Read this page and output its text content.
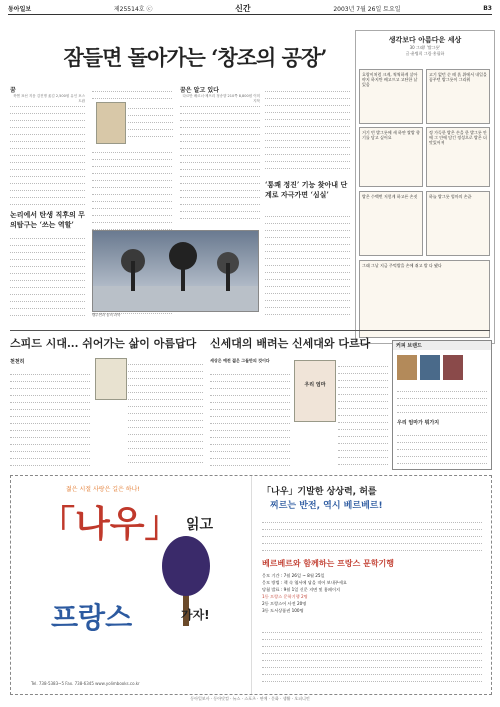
동아일보	제25514호 ⓒ	신간	2003년 7월 26일 토요일	B3
잠들면 돌아가는 ‘창조의 공장’
꿈
북엔 표선 지음 김진명 옮김 2,500원 유인 포스트잡
논리에서 탄생 직후의 무의탐구는 ‘쓰는 역할’
렘수면과 꿈의 과학
꿈은 알고 있다
다르만 베르너·제프리 정송향 210쪽 8,800원 이미지북
‘통쾌 정진’ 기능 찾아내 단계로 자극가면 ‘심실’
생각보다 아름다운 세상
30 그래! '밥그릇'
글·윤병희 그림·홍필하
호랑이처럼 크게, 씩씩하게 살아야지 하지만 배고프고 고단한 날 있음
고기 없던 순 때 흙 위에서 내일을 꿈꾸던 밥그릇이 그리워
거기 빈 밥그릇에 새 하얀 쌀밥 향기를 담고 싶어요
정 가득한 밥은 손을 한 밥그릇 안에 그 안에 담긴 정성으로 밥은 더 맛있어져
밥은 수백번 저렇게 하고픈 손짓	하늘 밥그릇 엄마의 손끝
그래 그날 지금 주먹밥을 손에 쥐고 밥 다 됐다
스피드 시대... 쉬어가는 삶이 아름답다	신세대의 배려는 신세대와 다르다
천천히	세상은 예전 젊은 그들만의 것이다
우리 엄마
커피 브랜드
우리 엄마가 뭐가지
젊은 시절 사랑은 길은 하나!
「나우」 읽고
프랑스	가자!
Tel. 738-5383~5 Fax. 738-6345 www.yolimbooks.co.kr
「나우」기발한 상상력, 허를
찌르는 반전, 역시 베르베르!
베르베르와 함께하는 프랑스 문학기행
응모 기간 : 7월 26일 ~ 8월 25일
응모 방법 : 책 속 엽서에 답을 적어 보내주세요
당첨 발표 : 9월 1일 신문 지면 및 홈페이지
1등 프랑스 문학기행 2명
2등 프랑스어 사전 20명
3등 도서상품권 100명
동아일보사 · 동아닷컴 · 뉴스 · 스포츠 · 연예 · 문화 · 생활 · 오피니언
